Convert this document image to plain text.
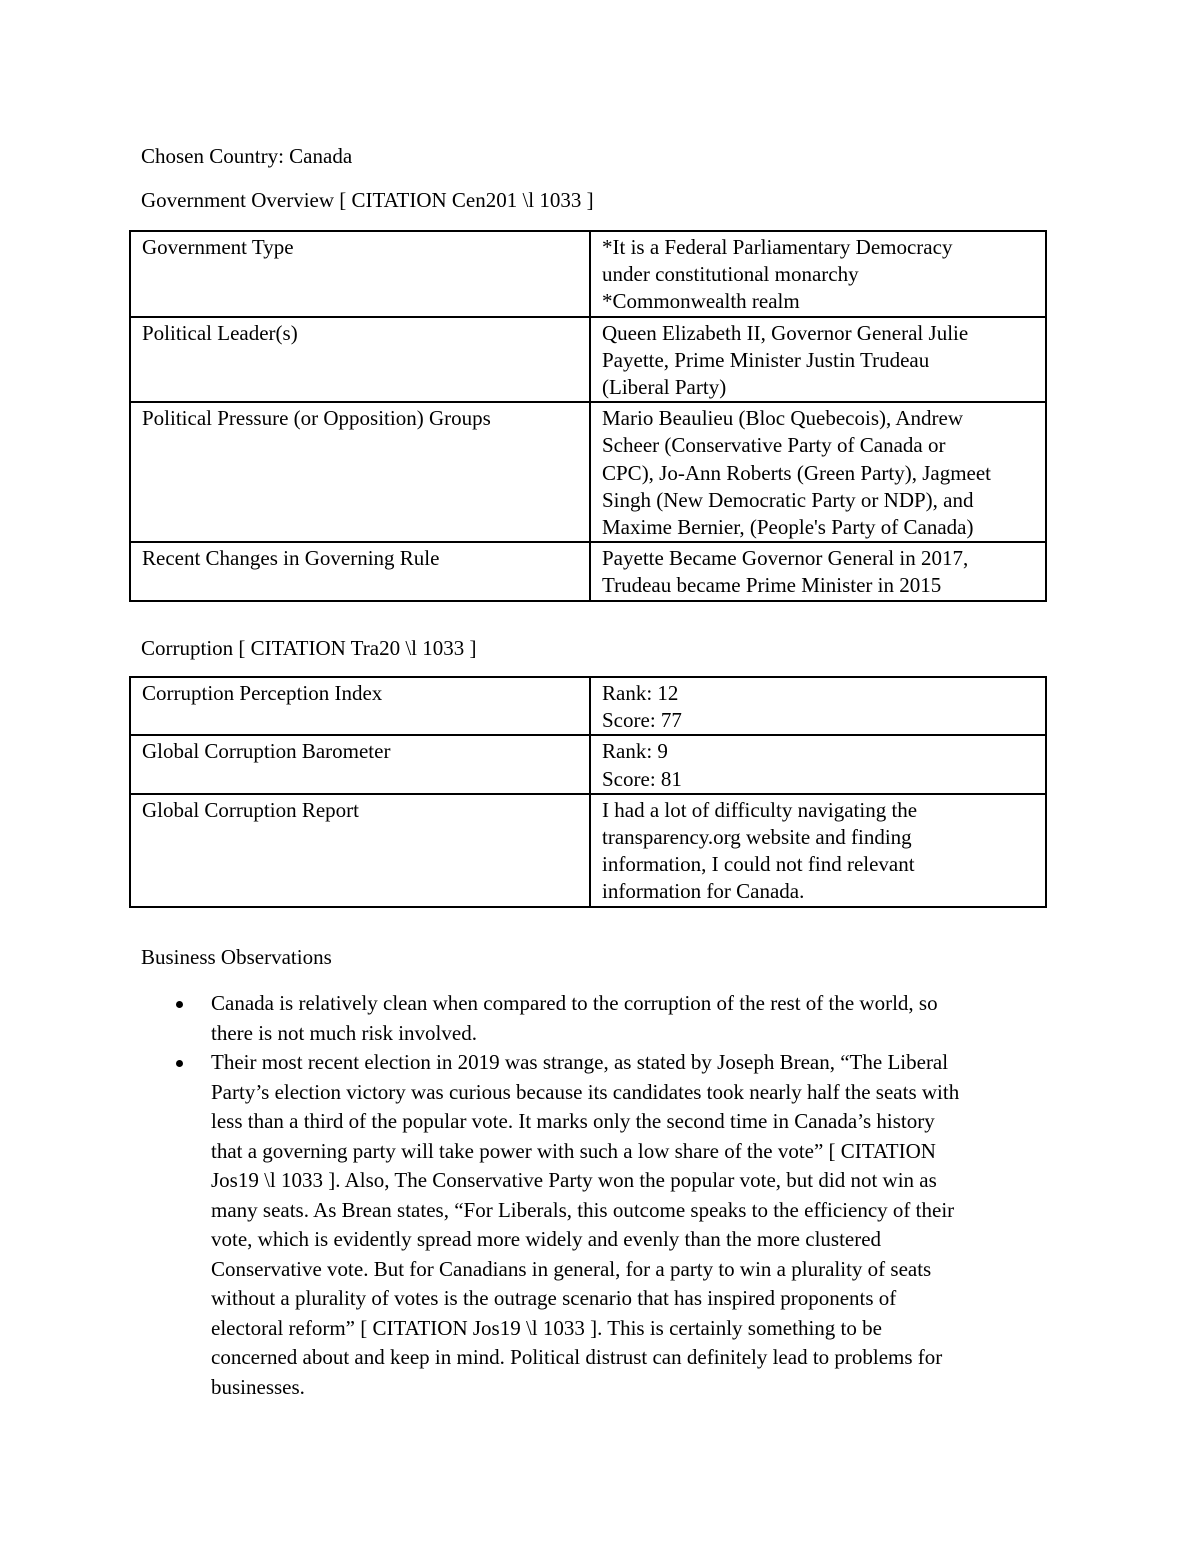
Chosen Country: Canada
Government Overview [ CITATION Cen201 \l 1033 ]
Government Type	*It is a Federal Parliamentary Democracy
under constitutional monarchy
*Commonwealth realm

Political Leader(s)	Queen Elizabeth II, Governor General Julie
Payette, Prime Minister Justin Trudeau
(Liberal Party)

Political Pressure (or Opposition) Groups	Mario Beaulieu (Bloc Quebecois), Andrew
Scheer (Conservative Party of Canada or
CPC), Jo-Ann Roberts (Green Party), Jagmeet
Singh (New Democratic Party or NDP), and
Maxime Bernier, (People's Party of Canada)

Recent Changes in Governing Rule	Payette Became Governor General in 2017,
Trudeau became Prime Minister in 2015
Corruption [ CITATION Tra20 \l 1033 ]
Corruption Perception Index	Rank: 12
Score: 77

Global Corruption Barometer	Rank: 9
Score: 81

Global Corruption Report	I had a lot of difficulty navigating the
transparency.org website and finding
information, I could not find relevant
information for Canada.
Business Observations
Canada is relatively clean when compared to the corruption of the rest of the world, so
there is not much risk involved.
Their most recent election in 2019 was strange, as stated by Joseph Brean, “The Liberal
Party’s election victory was curious because its candidates took nearly half the seats with
less than a third of the popular vote. It marks only the second time in Canada’s history
that a governing party will take power with such a low share of the vote” [ CITATION
Jos19 \l 1033 ]. Also, The Conservative Party won the popular vote, but did not win as
many seats. As Brean states, “For Liberals, this outcome speaks to the efficiency of their
vote, which is evidently spread more widely and evenly than the more clustered
Conservative vote. But for Canadians in general, for a party to win a plurality of seats
without a plurality of votes is the outrage scenario that has inspired proponents of
electoral reform” [ CITATION Jos19 \l 1033 ]. This is certainly something to be
concerned about and keep in mind. Political distrust can definitely lead to problems for
businesses.
